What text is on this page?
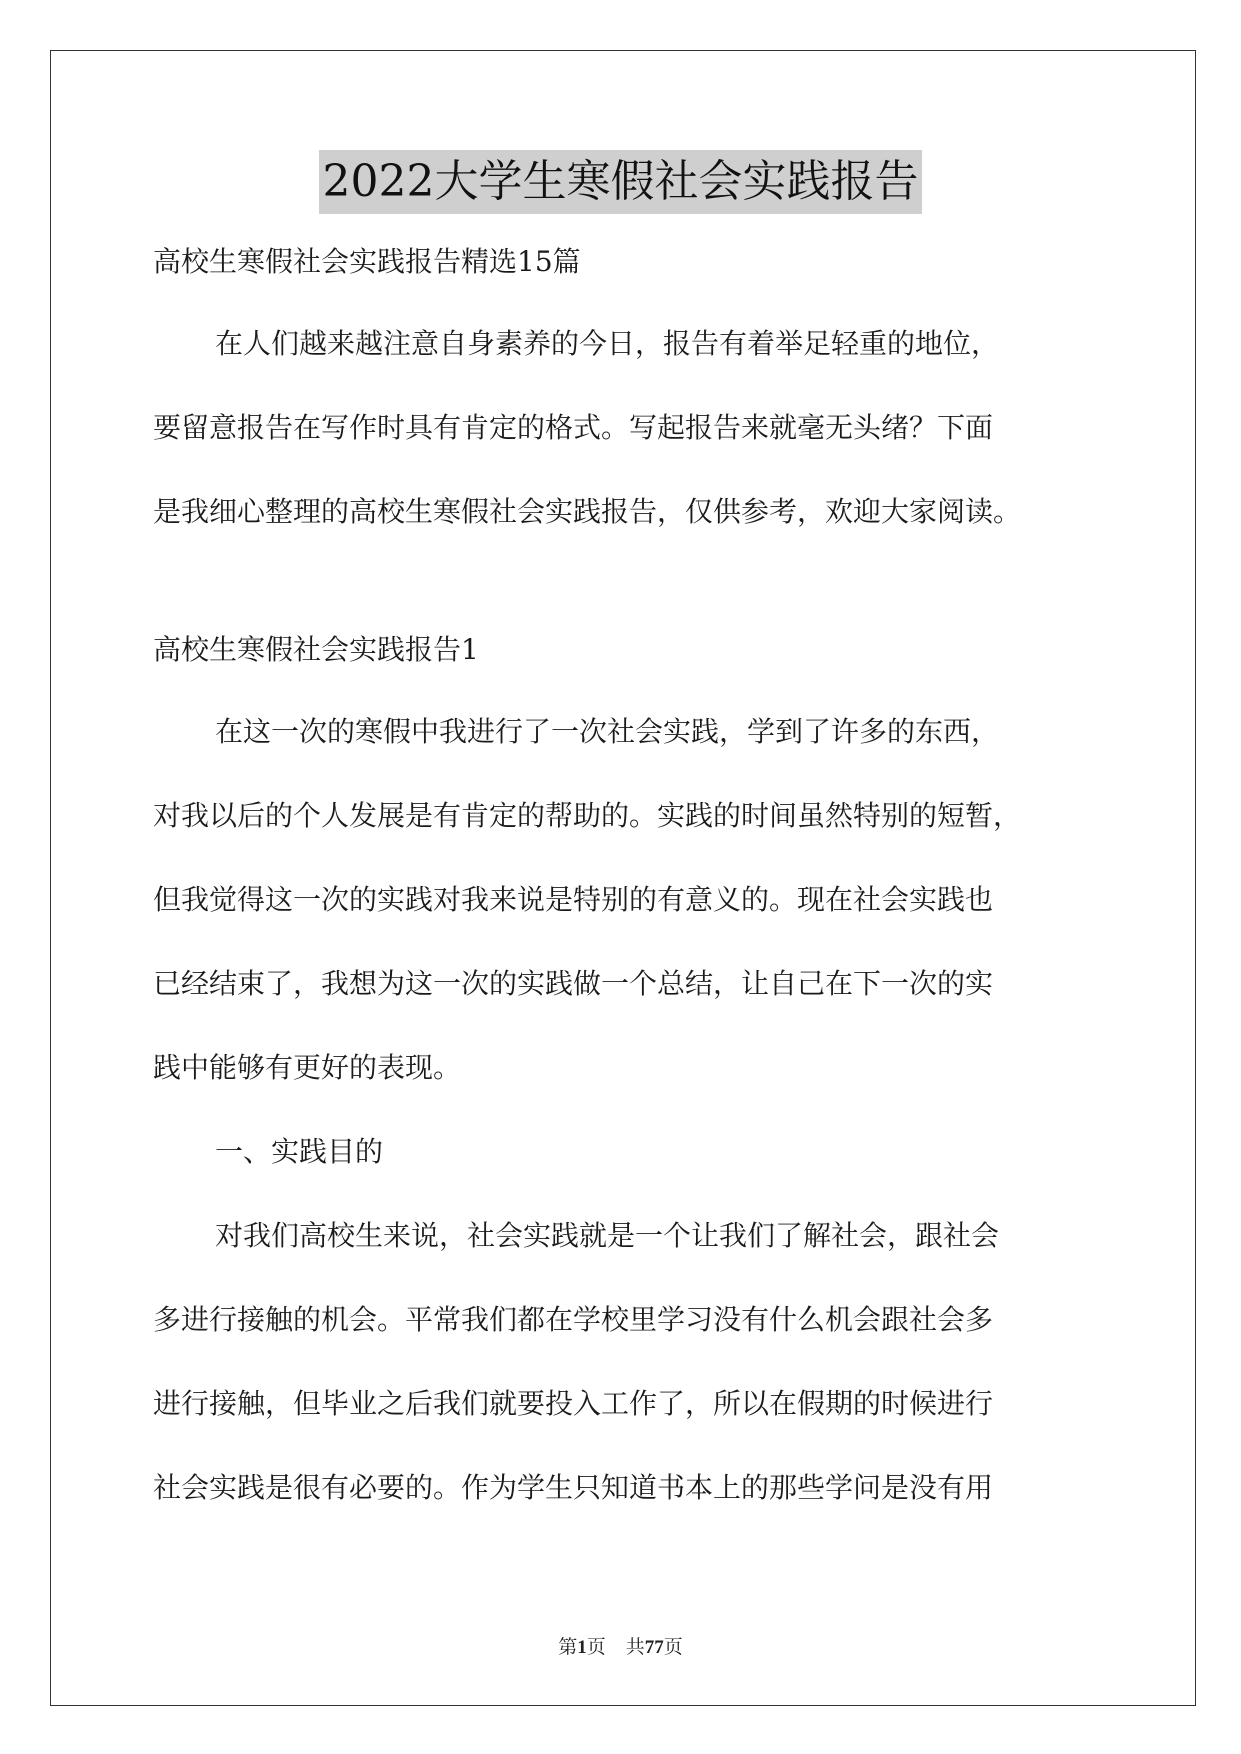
2022大学生寒假社会实践报告

高校生寒假社会实践报告精选15篇

在人们越来越注意自身素养的今日，报告有着举足轻重的地位，
要留意报告在写作时具有肯定的格式。写起报告来就毫无头绪？下面
是我细心整理的高校生寒假社会实践报告，仅供参考，欢迎大家阅读。

高校生寒假社会实践报告1

在这一次的寒假中我进行了一次社会实践，学到了许多的东西，
对我以后的个人发展是有肯定的帮助的。实践的时间虽然特别的短暂，
但我觉得这一次的实践对我来说是特别的有意义的。现在社会实践也
已经结束了，我想为这一次的实践做一个总结，让自己在下一次的实
践中能够有更好的表现。
一、实践目的
对我们高校生来说，社会实践就是一个让我们了解社会，跟社会
多进行接触的机会。平常我们都在学校里学习没有什么机会跟社会多
进行接触，但毕业之后我们就要投入工作了，所以在假期的时候进行
社会实践是很有必要的。作为学生只知道书本上的那些学问是没有用
第1页 共77页
